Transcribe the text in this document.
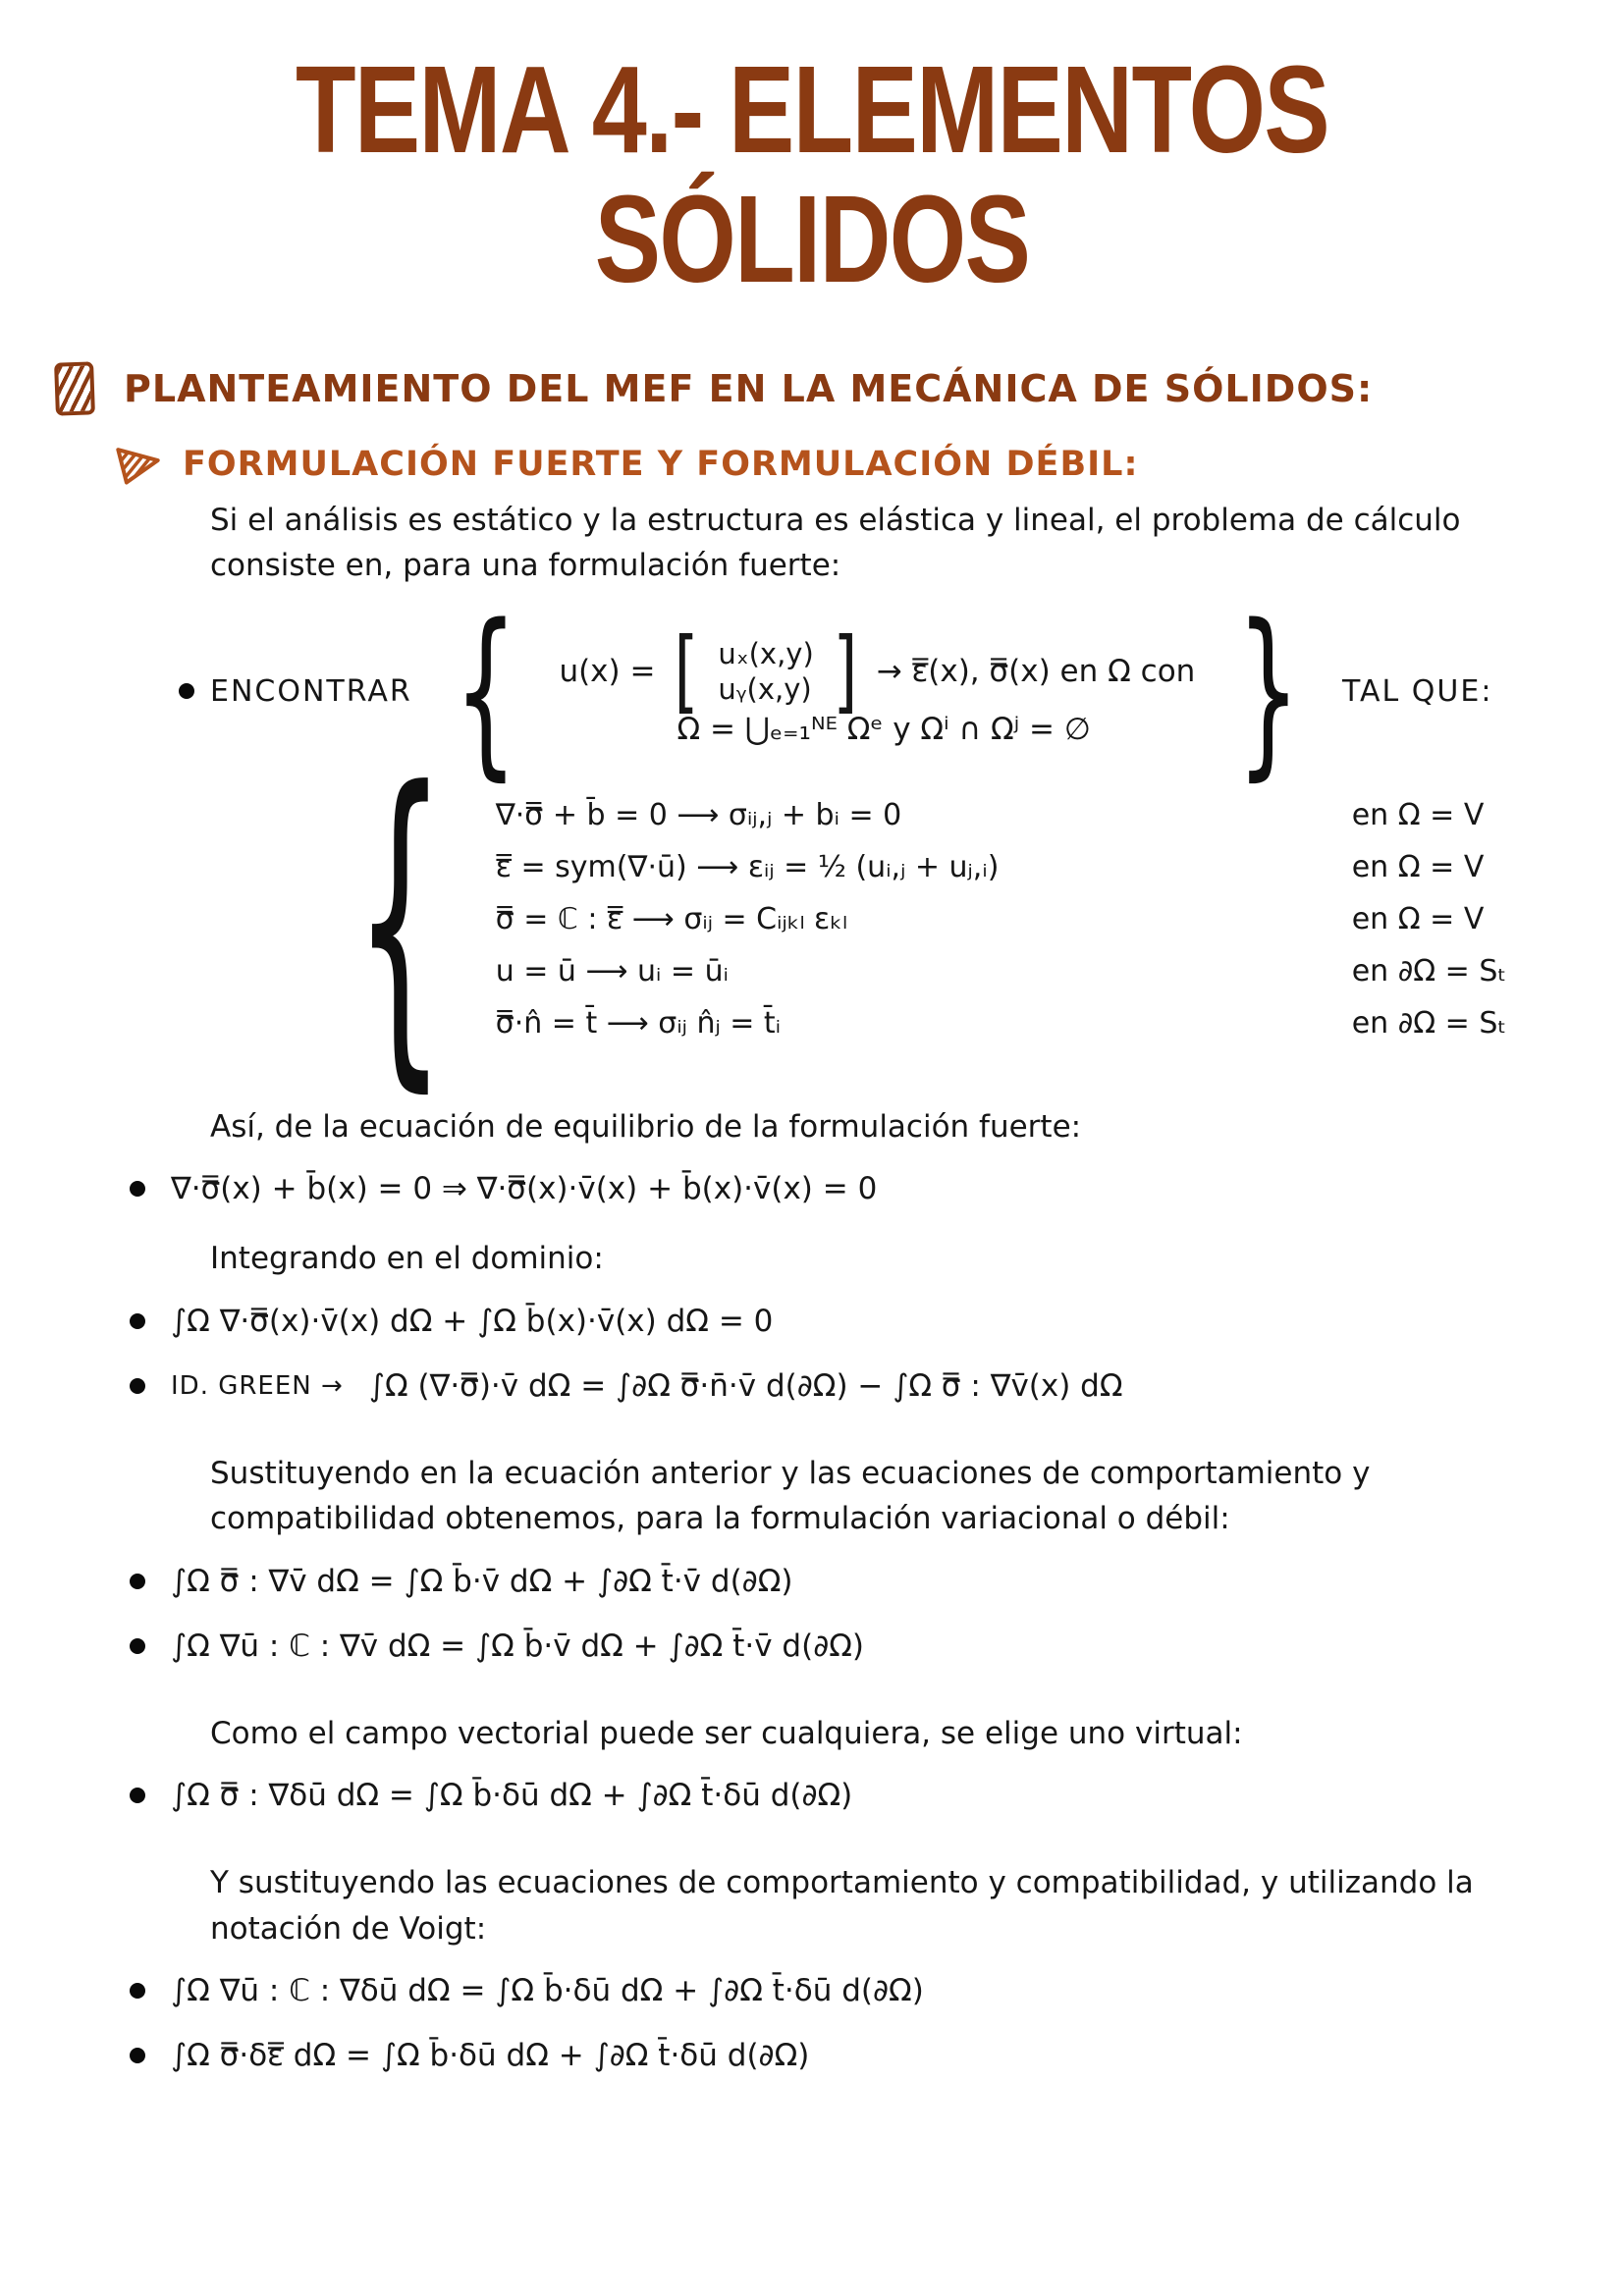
TEMA 4.- ELEMENTOS SÓLIDOS
PLANTEAMIENTO DEL MEF EN LA MECÁNICA DE SÓLIDOS:
FORMULACIÓN FUERTE Y FORMULACIÓN DÉBIL:

Si el análisis es estático y la estructura es elástica y lineal, el problema de cálculo consiste en, para una formulación fuerte:

ENCONTRAR { u(x) = [ uₓ(x,y)
uᵧ(x,y) ] → ε̿(x), σ̿(x) en Ω con
Ω = ⋃ₑ₌₁ᴺᴱ Ωᵉ y Ωⁱ ∩ Ωʲ = ∅ } TAL QUE:
{ ∇·σ̿ + b̄ = 0 ⟶ σᵢⱼ,ⱼ + bᵢ = 0	en Ω = V
ε̿ = sym(∇·ū) ⟶ εᵢⱼ = ½ (uᵢ,ⱼ + uⱼ,ᵢ)	en Ω = V
σ̿ = ℂ : ε̿ ⟶ σᵢⱼ = Cᵢⱼₖₗ εₖₗ	en Ω = V
u = ū ⟶ uᵢ = ūᵢ	en ∂Ω = Sₜ
σ̿·n̂ = t̄ ⟶ σᵢⱼ n̂ⱼ = t̄ᵢ	en ∂Ω = Sₜ

Así, de la ecuación de equilibrio de la formulación fuerte:

∇·σ̿(x) + b̄(x) = 0 ⇒ ∇·σ̿(x)·v̄(x) + b̄(x)·v̄(x) = 0

Integrando en el dominio:

∫Ω ∇·σ̿(x)·v̄(x) dΩ + ∫Ω b̄(x)·v̄(x) dΩ = 0
ID. GREEN → ∫Ω (∇·σ̿)·v̄ dΩ = ∫∂Ω σ̿·n̄·v̄ d(∂Ω) − ∫Ω σ̿ : ∇v̄(x) dΩ

Sustituyendo en la ecuación anterior y las ecuaciones de comportamiento y compatibilidad obtenemos, para la formulación variacional o débil:

∫Ω σ̿ : ∇v̄ dΩ = ∫Ω b̄·v̄ dΩ + ∫∂Ω t̄·v̄ d(∂Ω)
∫Ω ∇ū : ℂ : ∇v̄ dΩ = ∫Ω b̄·v̄ dΩ + ∫∂Ω t̄·v̄ d(∂Ω)

Como el campo vectorial puede ser cualquiera, se elige uno virtual:

∫Ω σ̿ : ∇δū dΩ = ∫Ω b̄·δū dΩ + ∫∂Ω t̄·δū d(∂Ω)

Y sustituyendo las ecuaciones de comportamiento y compatibilidad, y utilizando la notación de Voigt:

∫Ω ∇ū : ℂ : ∇δū dΩ = ∫Ω b̄·δū dΩ + ∫∂Ω t̄·δū d(∂Ω)
∫Ω σ̿·δε̿ dΩ = ∫Ω b̄·δū dΩ + ∫∂Ω t̄·δū d(∂Ω)
